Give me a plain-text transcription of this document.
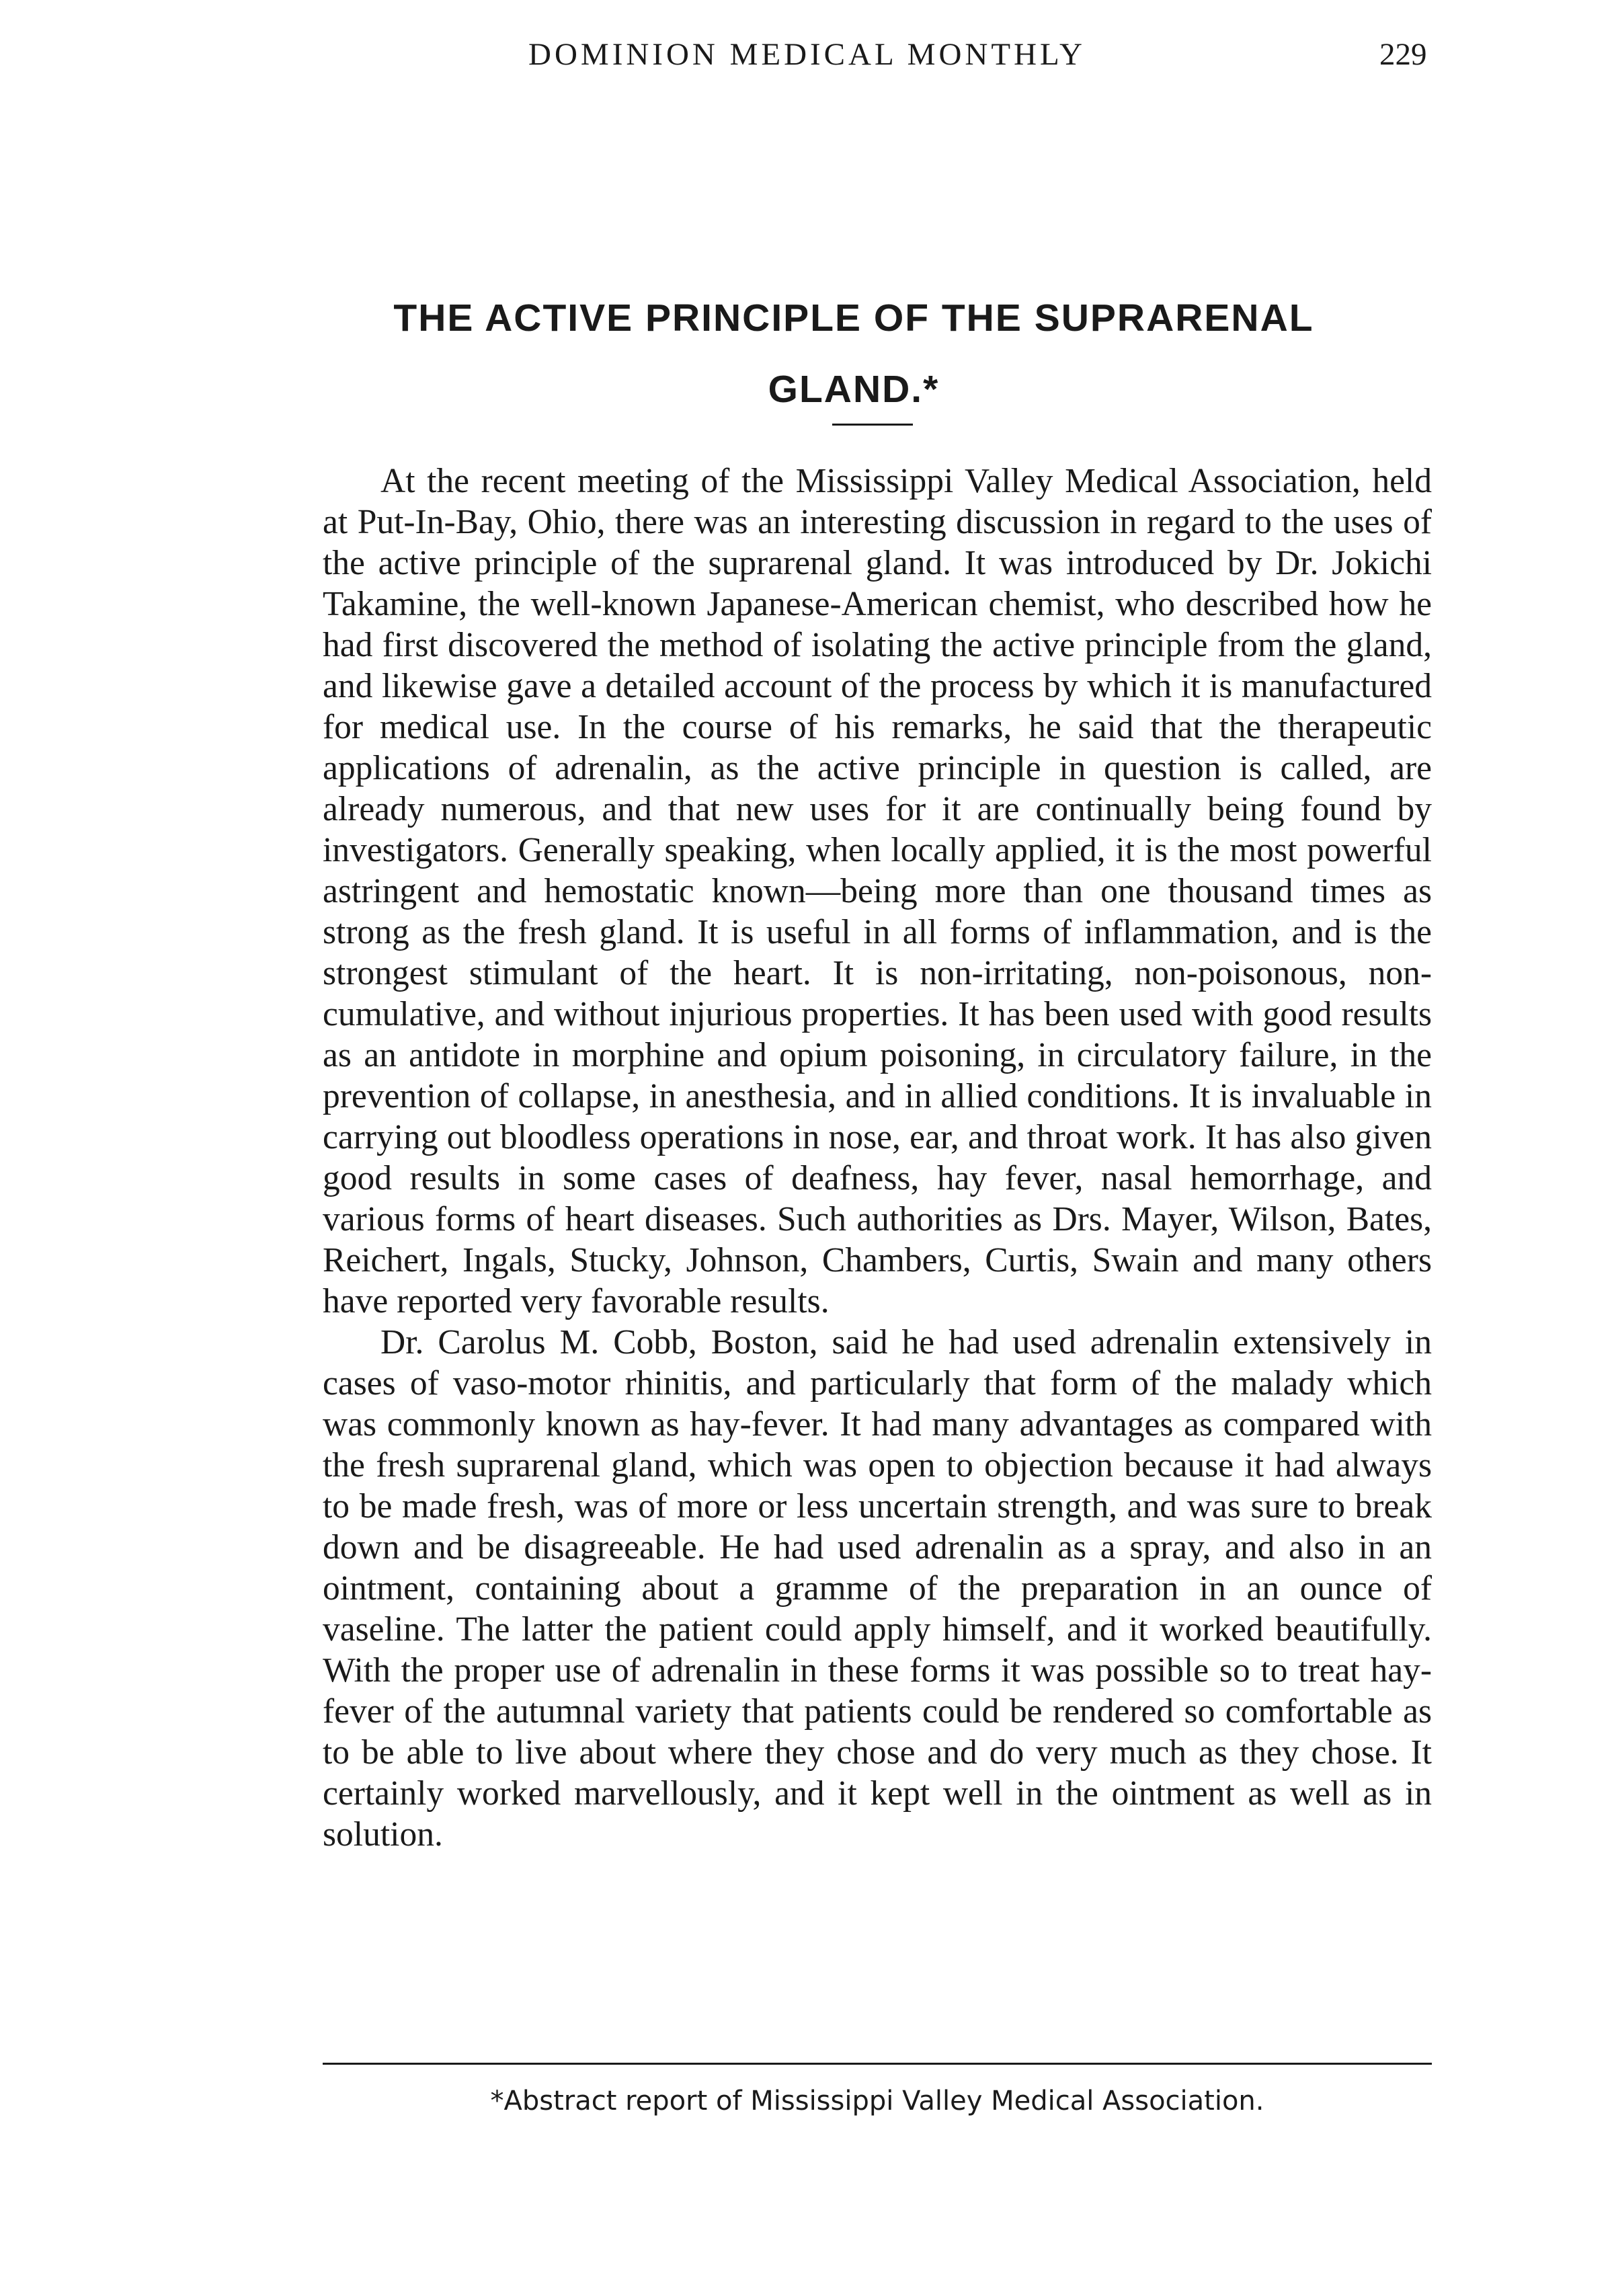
DOMINION MEDICAL MONTHLY	229
THE ACTIVE PRINCIPLE OF THE SUPRARENAL GLAND.*

At the recent meeting of the Mississippi Valley Medical Association, held at Put-In-Bay, Ohio, there was an interesting discussion in regard to the uses of the active principle of the suprarenal gland. It was introduced by Dr. Jokichi Takamine, the well-known Japanese-American chemist, who described how he had first discovered the method of isolating the active principle from the gland, and likewise gave a detailed account of the process by which it is manufactured for medical use. In the course of his remarks, he said that the therapeutic applications of adrenalin, as the active principle in question is called, are already numerous, and that new uses for it are continually being found by investigators. Generally speaking, when locally applied, it is the most powerful astringent and hemostatic known—being more than one thousand times as strong as the fresh gland. It is useful in all forms of inflammation, and is the strongest stimulant of the heart. It is non-irritating, non-poisonous, non-cumulative, and without injurious properties. It has been used with good results as an antidote in morphine and opium poisoning, in circulatory failure, in the prevention of collapse, in anesthesia, and in allied conditions. It is invaluable in carrying out bloodless operations in nose, ear, and throat work. It has also given good results in some cases of deafness, hay fever, nasal hemorrhage, and various forms of heart diseases. Such authorities as Drs. Mayer, Wilson, Bates, Reichert, Ingals, Stucky, Johnson, Chambers, Curtis, Swain and many others have reported very favorable results.

Dr. Carolus M. Cobb, Boston, said he had used adrenalin extensively in cases of vaso-motor rhinitis, and particularly that form of the malady which was commonly known as hay-fever. It had many advantages as compared with the fresh suprarenal gland, which was open to objection because it had always to be made fresh, was of more or less uncertain strength, and was sure to break down and be disagreeable. He had used adrenalin as a spray, and also in an ointment, containing about a gramme of the preparation in an ounce of vaseline. The latter the patient could apply himself, and it worked beautifully. With the proper use of adrenalin in these forms it was possible so to treat hay-fever of the autumnal variety that patients could be rendered so comfortable as to be able to live about where they chose and do very much as they chose. It certainly worked marvellously, and it kept well in the ointment as well as in solution.

*Abstract report of Mississippi Valley Medical Association.
